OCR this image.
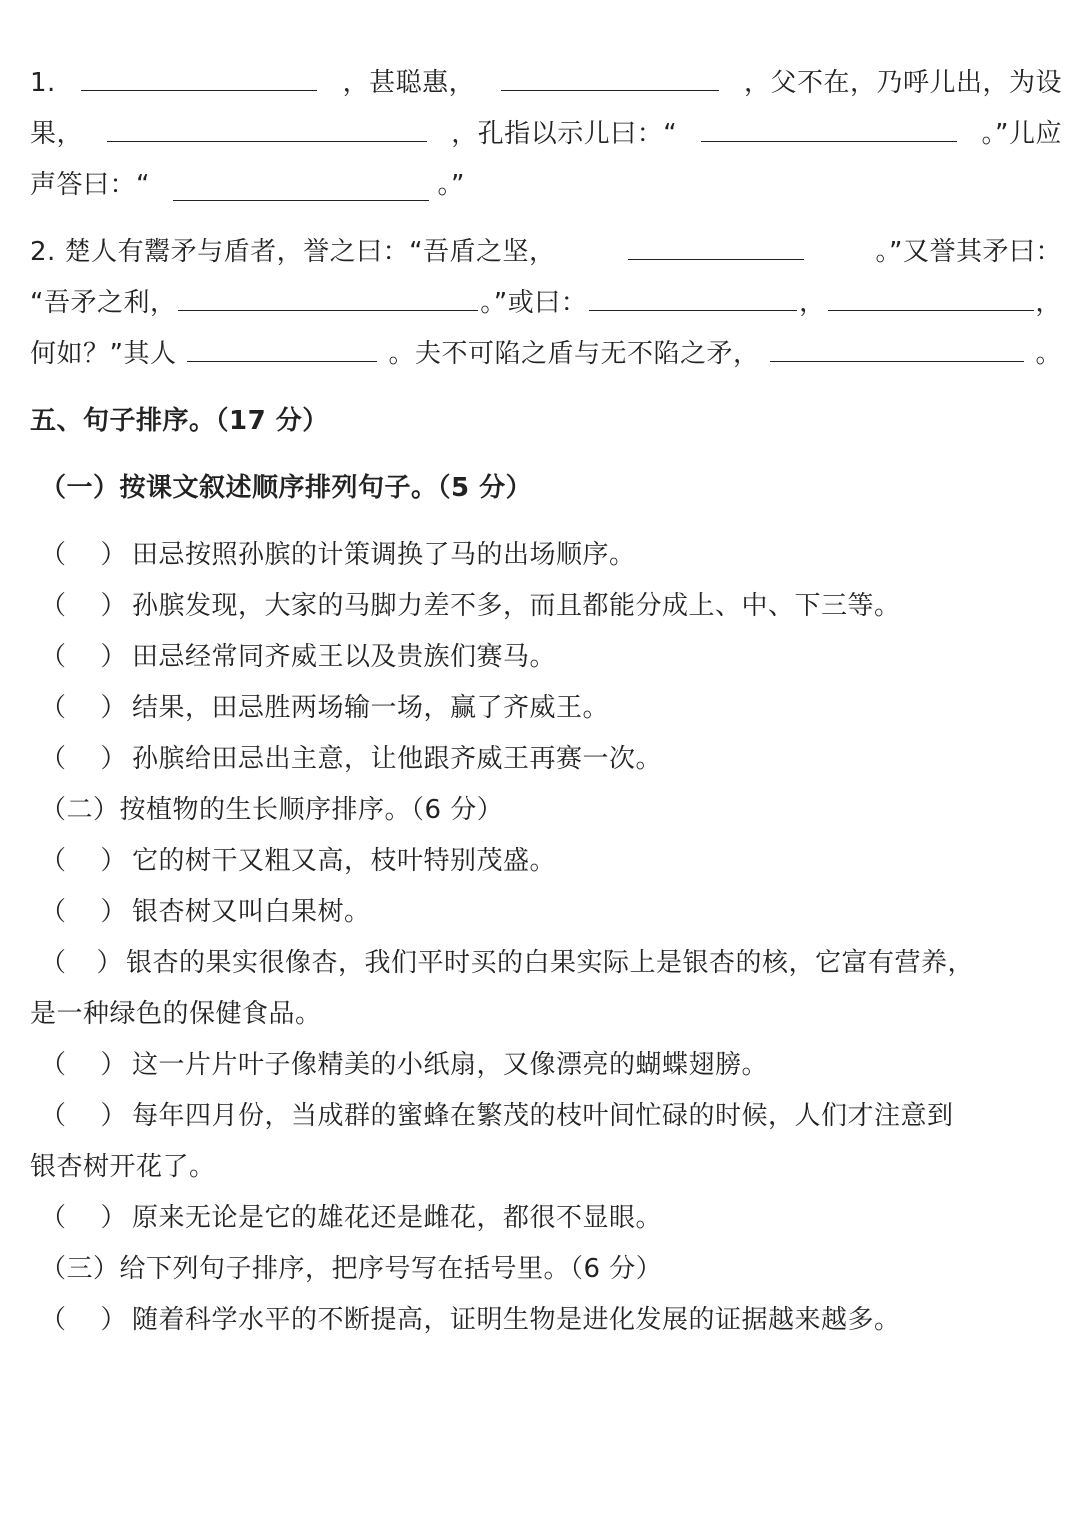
1.	，甚聪惠，	，父不在，乃呼儿出，为设
果，	，孔指以示儿曰：“	。”儿应
声答曰：“	。”
2. 楚人有鬻矛与盾者，誉之曰：“吾盾之坚，	。”又誉其矛曰：
“吾矛之利，	。”或曰：	，	，
何如？”其人	。夫不可陷之盾与无不陷之矛，	。
五、句子排序。（17 分）
（一）按课文叙述顺序排列句子。（5 分）
（ ） 田忌按照孙膑的计策调换了马的出场顺序。
（ ） 孙膑发现，大家的马脚力差不多，而且都能分成上、中、下三等。
（ ） 田忌经常同齐威王以及贵族们赛马。
（ ） 结果，田忌胜两场输一场，赢了齐威王。
（ ） 孙膑给田忌出主意，让他跟齐威王再赛一次。
（二）按植物的生长顺序排序。（6 分）
（ ） 它的树干又粗又高，枝叶特别茂盛。
（ ） 银杏树又叫白果树。
（ ） 银杏的果实很像杏，我们平时买的白果实际上是银杏的核，它富有营养，
是一种绿色的保健食品。
（ ） 这一片片叶子像精美的小纸扇，又像漂亮的蝴蝶翅膀。
（ ） 每年四月份，当成群的蜜蜂在繁茂的枝叶间忙碌的时候，人们才注意到
银杏树开花了。
（ ） 原来无论是它的雄花还是雌花，都很不显眼。
（三）给下列句子排序，把序号写在括号里。（6 分）
（ ） 随着科学水平的不断提高，证明生物是进化发展的证据越来越多。
